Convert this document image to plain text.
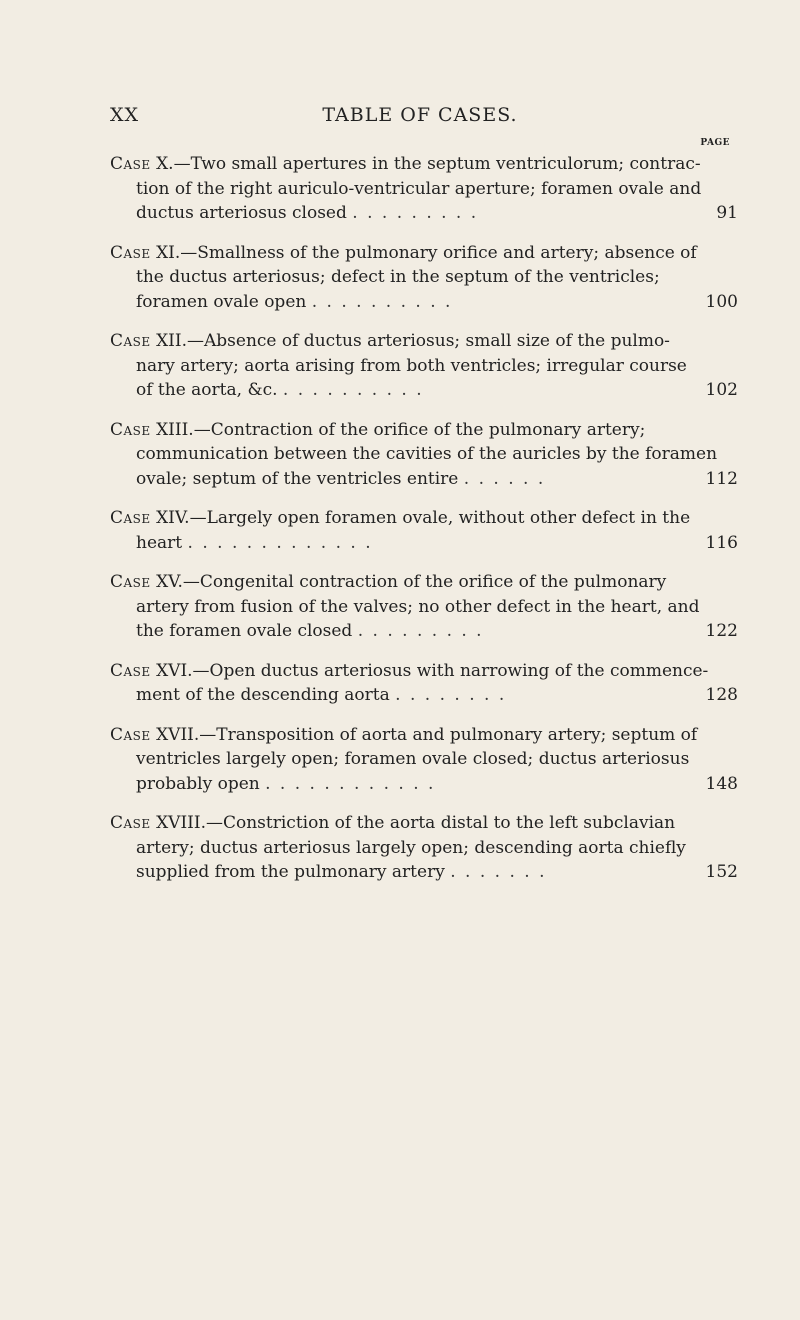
XX	TABLE OF CASES.
PAGE
Case X.—Two small apertures in the septum ventriculorum; contrac-
tion of the right auriculo-ventricular aperture; foramen ovale and
ductus arteriosus closed . . . . . . . . .	91
Case XI.—Smallness of the pulmonary orifice and artery; absence of
the ductus arteriosus; defect in the septum of the ventricles;
foramen ovale open . . . . . . . . . .	100
Case XII.—Absence of ductus arteriosus; small size of the pulmo-
nary artery; aorta arising from both ventricles; irregular course
of the aorta, &c. . . . . . . . . . .	102
Case XIII.—Contraction of the orifice of the pulmonary artery;
communication between the cavities of the auricles by the foramen
ovale; septum of the ventricles entire . . . . . .	112
Case XIV.—Largely open foramen ovale, without other defect in the
heart . . . . . . . . . . . . .	116
Case XV.—Congenital contraction of the orifice of the pulmonary
artery from fusion of the valves; no other defect in the heart, and
the foramen ovale closed . . . . . . . . .	122
Case XVI.—Open ductus arteriosus with narrowing of the commence-
ment of the descending aorta . . . . . . . .	128
Case XVII.—Transposition of aorta and pulmonary artery; septum of
ventricles largely open; foramen ovale closed; ductus arteriosus
probably open . . . . . . . . . . . .	148
Case XVIII.—Constriction of the aorta distal to the left subclavian
artery; ductus arteriosus largely open; descending aorta chiefly
supplied from the pulmonary artery . . . . . . .	152
